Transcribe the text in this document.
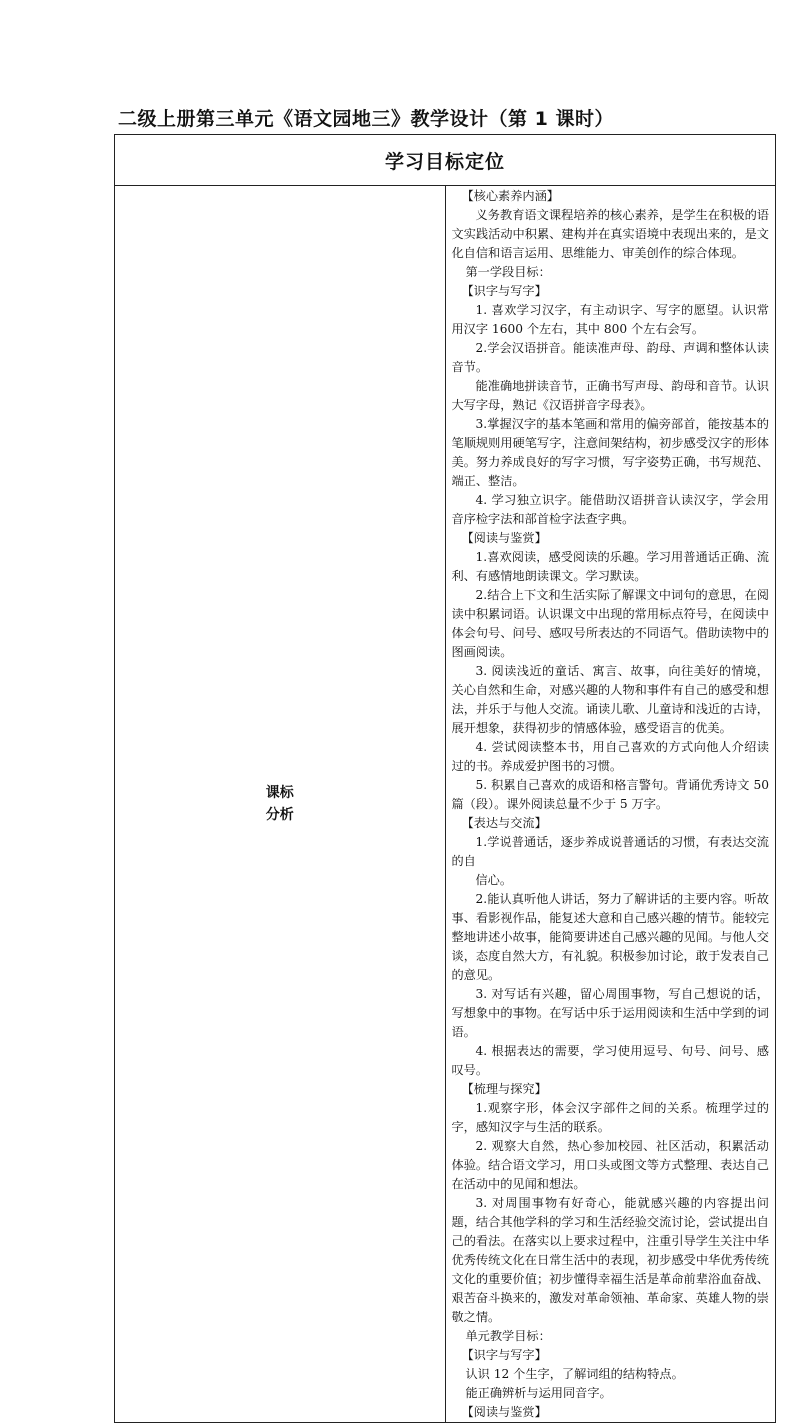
二级上册第三单元《语文园地三》教学设计（第 1 课时）
学习目标定位

课标
分析

【核心素养内涵】

义务教育语文课程培养的核心素养，是学生在积极的语文实践活动中积累、建构并在真实语境中表现出来的，是文化自信和语言运用、思维能力、审美创作的综合体现。

第一学段目标：

【识字与写字】

1. 喜欢学习汉字，有主动识字、写字的愿望。认识常用汉字 1600 个左右，其中 800 个左右会写。

2.学会汉语拼音。能读准声母、韵母、声调和整体认读音节。

能准确地拼读音节，正确书写声母、韵母和音节。认识大写字母，熟记《汉语拼音字母表》。

3.掌握汉字的基本笔画和常用的偏旁部首，能按基本的笔顺规则用硬笔写字，注意间架结构，初步感受汉字的形体美。努力养成良好的写字习惯，写字姿势正确，书写规范、端正、整洁。

4. 学习独立识字。能借助汉语拼音认读汉字，学会用音序检字法和部首检字法查字典。

【阅读与鉴赏】

1.喜欢阅读，感受阅读的乐趣。学习用普通话正确、流利、有感情地朗读课文。学习默读。

2.结合上下文和生活实际了解课文中词句的意思，在阅读中积累词语。认识课文中出现的常用标点符号，在阅读中体会句号、问号、感叹号所表达的不同语气。借助读物中的图画阅读。

3. 阅读浅近的童话、寓言、故事，向往美好的情境，关心自然和生命，对感兴趣的人物和事件有自己的感受和想法，并乐于与他人交流。诵读儿歌、儿童诗和浅近的古诗，展开想象，获得初步的情感体验，感受语言的优美。

4. 尝试阅读整本书，用自己喜欢的方式向他人介绍读过的书。养成爱护图书的习惯。

5. 积累自己喜欢的成语和格言警句。背诵优秀诗文 50 篇（段）。课外阅读总量不少于 5 万字。

【表达与交流】

1.学说普通话，逐步养成说普通话的习惯，有表达交流的自

信心。

2.能认真听他人讲话，努力了解讲话的主要内容。听故事、看影视作品，能复述大意和自己感兴趣的情节。能较完整地讲述小故事，能简要讲述自己感兴趣的见闻。与他人交谈，态度自然大方，有礼貌。积极参加讨论，敢于发表自己的意见。

3. 对写话有兴趣，留心周围事物，写自己想说的话，写想象中的事物。在写话中乐于运用阅读和生活中学到的词语。

4. 根据表达的需要，学习使用逗号、句号、问号、感叹号。

【梳理与探究】

1.观察字形，体会汉字部件之间的关系。梳理学过的字，感知汉字与生活的联系。

2. 观察大自然，热心参加校园、社区活动，积累活动体验。结合语文学习，用口头或图文等方式整理、表达自己在活动中的见闻和想法。

3. 对周围事物有好奇心，能就感兴趣的内容提出问题，结合其他学科的学习和生活经验交流讨论，尝试提出自己的看法。在落实以上要求过程中，注重引导学生关注中华优秀传统文化在日常生活中的表现，初步感受中华优秀传统文化的重要价值；初步懂得幸福生活是革命前辈浴血奋战、艰苦奋斗换来的，激发对革命领袖、革命家、英雄人物的崇敬之情。

单元教学目标：

【识字与写字】

认识 12 个生字，了解词组的结构特点。

能正确辨析与运用同音字。

【阅读与鉴赏】
